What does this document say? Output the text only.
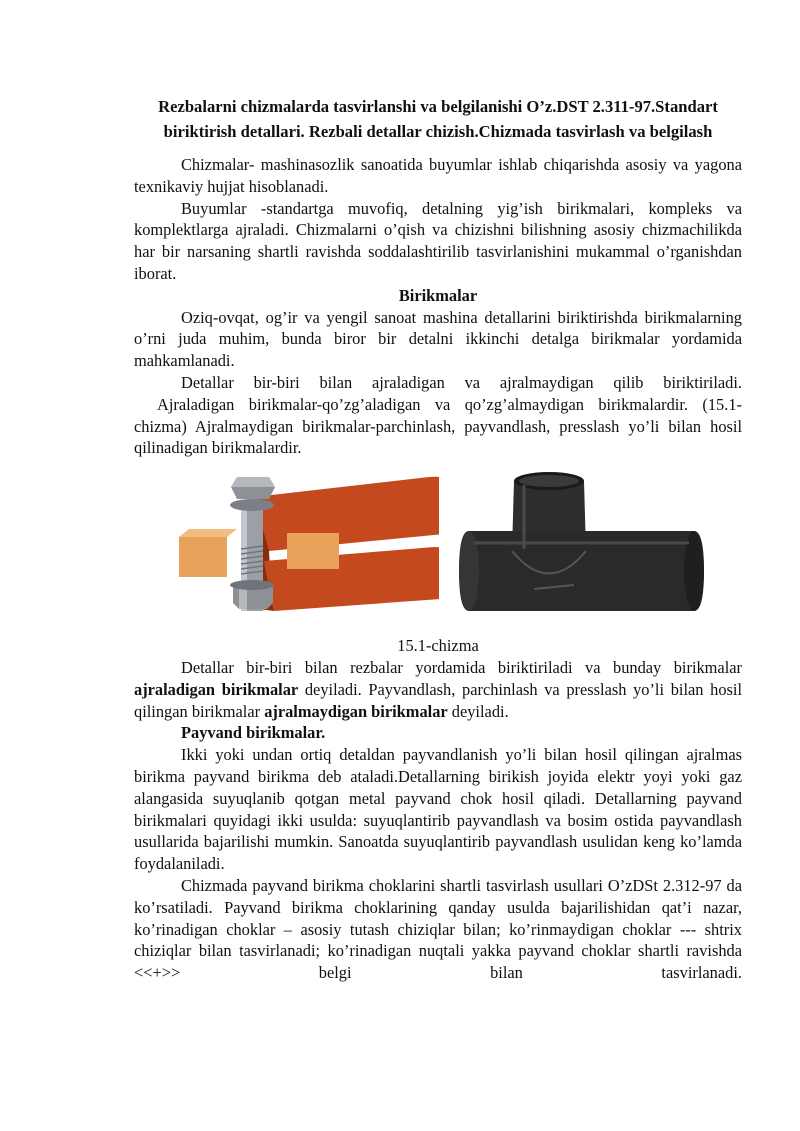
Rezbalarni chizmalarda tasvirlanshi va belgilanishi O’z.DST 2.311-97.Standart biriktirish detallari. Rezbali detallar chizish.Chizmada tasvirlash va belgilash

Chizmalar- mashinasozlik sanoatida buyumlar ishlab chiqarishda asosiy va yagona texnikaviy hujjat hisoblanadi.

Buyumlar -standartga muvofiq, detalning yig’ish birikmalari, kompleks va komplektlarga ajraladi. Chizmalarni o’qish va chizishni bilishning asosiy chizmachilikda har bir narsaning shartli ravishda soddalashtirilib tasvirlanishini mukammal o’rganishdan iborat.

Birikmalar

Oziq-ovqat, og’ir va yengil sanoat mashina detallarini biriktirishda birikmalarning o’rni juda muhim, bunda biror bir detalni ikkinchi detalga birikmalar yordamida mahkamlanadi.

Detallar bir-biri bilan ajraladigan va ajralmaydigan qilib biriktiriladi.

Ajraladigan birikmalar-qo’zg’aladigan va qo’zg’almaydigan birikmalardir. (15.1-chizma) Ajralmaydigan birikmalar-parchinlash, payvandlash, presslash yo’li bilan hosil qilinadigan birikmalardir.

15.1-chizma

Detallar bir-biri bilan rezbalar yordamida biriktiriladi va bunday birikmalar ajraladigan birikmalar deyiladi. Payvandlash, parchinlash va presslash yo’li bilan hosil qilingan birikmalar ajralmaydigan birikmalar deyiladi.

Payvand birikmalar.

Ikki yoki undan ortiq detaldan payvandlanish yo’li bilan hosil qilingan ajralmas birikma payvand birikma deb ataladi.Detallarning birikish joyida elektr yoyi yoki gaz alangasida suyuqlanib qotgan metal payvand chok hosil qiladi. Detallarning payvand birikmalari quyidagi ikki usulda: suyuqlantirib payvandlash va bosim ostida payvandlash usullarida bajarilishi mumkin. Sanoatda suyuqlantirib payvandlash usulidan keng ko’lamda foydalaniladi.

Chizmada payvand birikma choklarini shartli tasvirlash usullari O’zDSt 2.312-97 da ko’rsatiladi. Payvand birikma choklarining qanday usulda bajarilishidan qat’i nazar, ko’rinadigan choklar – asosiy tutash chiziqlar bilan; ko’rinmaydigan choklar --- shtrix chiziqlar bilan tasvirlanadi; ko’rinadigan nuqtali yakka payvand choklar shartli ravishda <<+>> belgi bilan tasvirlanadi.
